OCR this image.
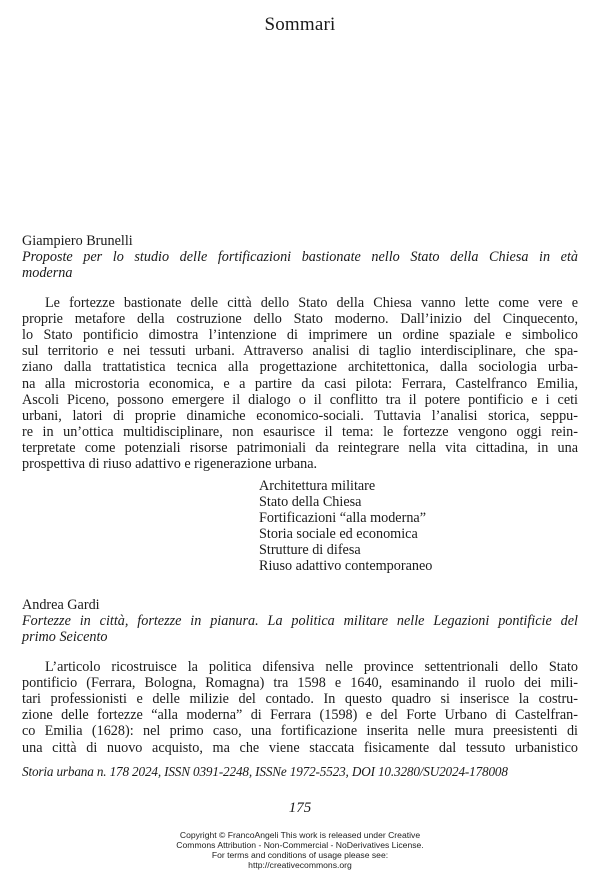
Sommari
Giampiero Brunelli
Proposte per lo studio delle fortificazioni bastionate nello Stato della Chiesa in età
moderna
Le fortezze bastionate delle città dello Stato della Chiesa vanno lette come vere e
proprie metafore della costruzione dello Stato moderno. Dall’inizio del Cinquecento,
lo Stato pontificio dimostra l’intenzione di imprimere un ordine spaziale e simbolico
sul territorio e nei tessuti urbani. Attraverso analisi di taglio interdisciplinare, che spa-
ziano dalla trattatistica tecnica alla progettazione architettonica, dalla sociologia urba-
na alla microstoria economica, e a partire da casi pilota: Ferrara, Castelfranco Emilia,
Ascoli Piceno, possono emergere il dialogo o il conflitto tra il potere pontificio e i ceti
urbani, latori di proprie dinamiche economico-sociali. Tuttavia l’analisi storica, seppu-
re in un’ottica multidisciplinare, non esaurisce il tema: le fortezze vengono oggi rein-
terpretate come potenziali risorse patrimoniali da reintegrare nella vita cittadina, in una
prospettiva di riuso adattivo e rigenerazione urbana.
Architettura militare
Stato della Chiesa
Fortificazioni “alla moderna”
Storia sociale ed economica
Strutture di difesa
Riuso adattivo contemporaneo
Andrea Gardi
Fortezze in città, fortezze in pianura. La politica militare nelle Legazioni pontificie del
primo Seicento
L’articolo ricostruisce la politica difensiva nelle province settentrionali dello Stato
pontificio (Ferrara, Bologna, Romagna) tra 1598 e 1640, esaminando il ruolo dei mili-
tari professionisti e delle milizie del contado. In questo quadro si inserisce la costru-
zione delle fortezze “alla moderna” di Ferrara (1598) e del Forte Urbano di Castelfran-
co Emilia (1628): nel primo caso, una fortificazione inserita nelle mura preesistenti di
una città di nuovo acquisto, ma che viene staccata fisicamente dal tessuto urbanistico
Storia urbana n. 178 2024, ISSN 0391-2248, ISSNe 1972-5523, DOI 10.3280/SU2024-178008
175
Copyright © FrancoAngeli This work is released under Creative
Commons Attribution - Non-Commercial - NoDerivatives License.
For terms and conditions of usage please see:
http://creativecommons.org
